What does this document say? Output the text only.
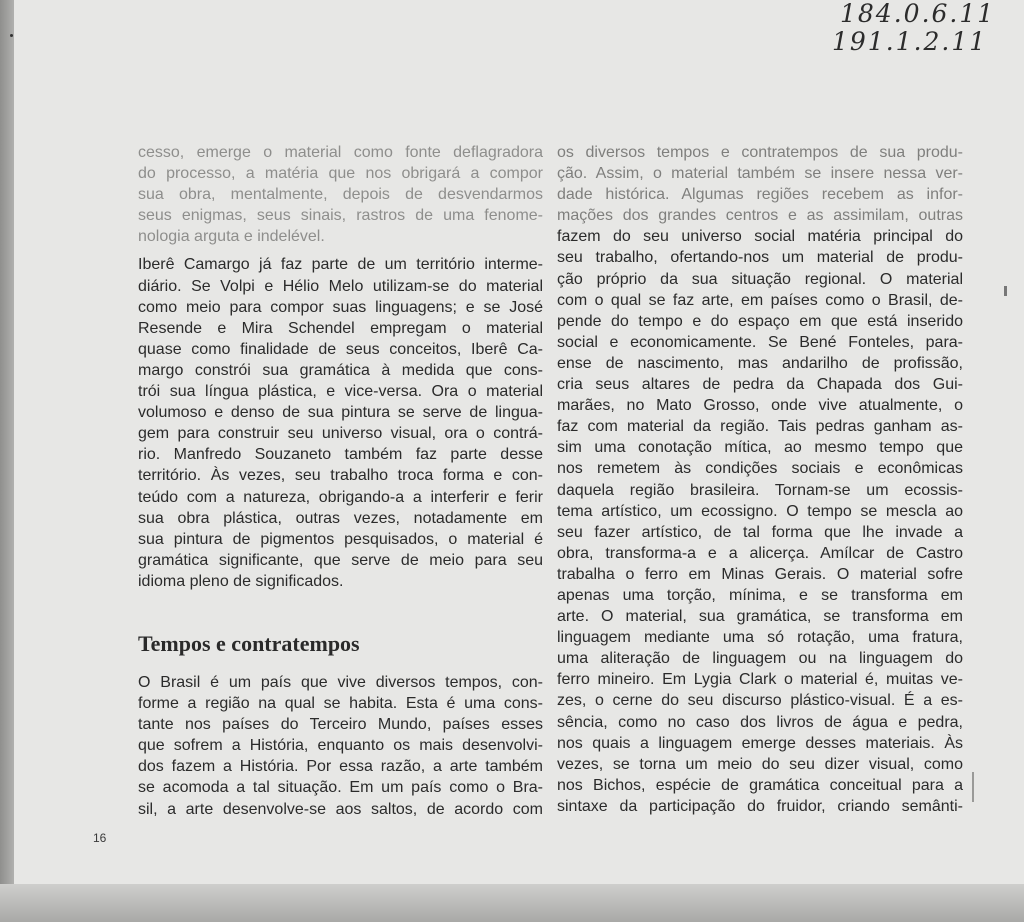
184.0.6.11
191.1.2.11

cesso, emerge o material como fonte deflagradora
do processo, a matéria que nos obrigará a compor
sua obra, mentalmente, depois de desvendarmos
seus enigmas, seus sinais, rastros de uma fenome-
nologia arguta e indelével.

Iberê Camargo já faz parte de um território interme-
diário. Se Volpi e Hélio Melo utilizam-se do material
como meio para compor suas linguagens; e se José
Resende e Mira Schendel empregam o material
quase como finalidade de seus conceitos, Iberê Ca-
margo constrói sua gramática à medida que cons-
trói sua língua plástica, e vice-versa. Ora o material
volumoso e denso de sua pintura se serve de lingua-
gem para construir seu universo visual, ora o contrá-
rio. Manfredo Souzaneto também faz parte desse
território. Às vezes, seu trabalho troca forma e con-
teúdo com a natureza, obrigando-a a interferir e ferir
sua obra plástica, outras vezes, notadamente em
sua pintura de pigmentos pesquisados, o material é
gramática significante, que serve de meio para seu
idioma pleno de significados.

Tempos e contratempos

O Brasil é um país que vive diversos tempos, con-
forme a região na qual se habita. Esta é uma cons-
tante nos países do Terceiro Mundo, países esses
que sofrem a História, enquanto os mais desenvolvi-
dos fazem a História. Por essa razão, a arte também
se acomoda a tal situação. Em um país como o Bra-
sil, a arte desenvolve-se aos saltos, de acordo com

os diversos tempos e contratempos de sua produ-
ção. Assim, o material também se insere nessa ver-
dade histórica. Algumas regiões recebem as infor-
mações dos grandes centros e as assimilam, outras

fazem do seu universo social matéria principal do
seu trabalho, ofertando-nos um material de produ-
ção próprio da sua situação regional. O material
com o qual se faz arte, em países como o Brasil, de-
pende do tempo e do espaço em que está inserido
social e economicamente. Se Bené Fonteles, para-
ense de nascimento, mas andarilho de profissão,
cria seus altares de pedra da Chapada dos Gui-
marães, no Mato Grosso, onde vive atualmente, o
faz com material da região. Tais pedras ganham as-
sim uma conotação mítica, ao mesmo tempo que
nos remetem às condições sociais e econômicas
daquela região brasileira. Tornam-se um ecossis-
tema artístico, um ecossigno. O tempo se mescla ao
seu fazer artístico, de tal forma que lhe invade a
obra, transforma-a e a alicerça. Amílcar de Castro
trabalha o ferro em Minas Gerais. O material sofre
apenas uma torção, mínima, e se transforma em
arte. O material, sua gramática, se transforma em
linguagem mediante uma só rotação, uma fratura,
uma aliteração de linguagem ou na linguagem do
ferro mineiro. Em Lygia Clark o material é, muitas ve-
zes, o cerne do seu discurso plástico-visual. É a es-
sência, como no caso dos livros de água e pedra,
nos quais a linguagem emerge desses materiais. Às
vezes, se torna um meio do seu dizer visual, como
nos Bichos, espécie de gramática conceitual para a
sintaxe da participação do fruidor, criando semânti-

16
